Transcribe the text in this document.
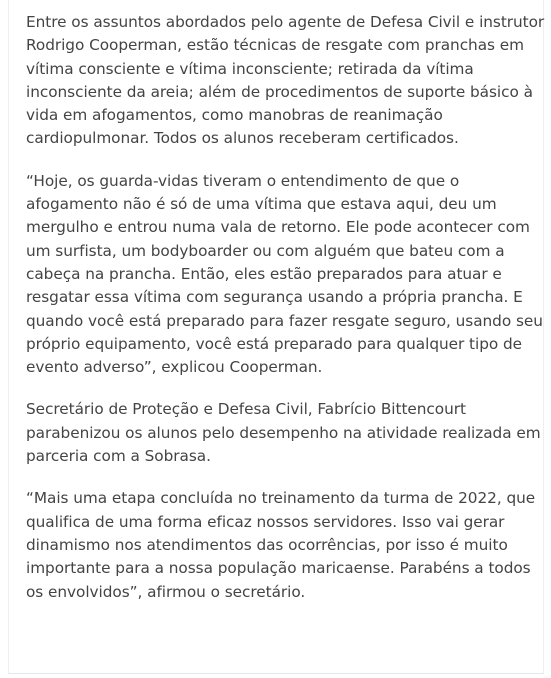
Entre os assuntos abordados pelo agente de Defesa Civil e instrutor
Rodrigo Cooperman, estão técnicas de resgate com pranchas em
vítima consciente e vítima inconsciente; retirada da vítima
inconsciente da areia; além de procedimentos de suporte básico à
vida em afogamentos, como manobras de reanimação
cardiopulmonar. Todos os alunos receberam certificados.

“Hoje, os guarda-vidas tiveram o entendimento de que o
afogamento não é só de uma vítima que estava aqui, deu um
mergulho e entrou numa vala de retorno. Ele pode acontecer com
um surfista, um bodyboarder ou com alguém que bateu com a
cabeça na prancha. Então, eles estão preparados para atuar e
resgatar essa vítima com segurança usando a própria prancha. E
quando você está preparado para fazer resgate seguro, usando seu
próprio equipamento, você está preparado para qualquer tipo de
evento adverso”, explicou Cooperman.

Secretário de Proteção e Defesa Civil, Fabrício Bittencourt
parabenizou os alunos pelo desempenho na atividade realizada em
parceria com a Sobrasa.

“Mais uma etapa concluída no treinamento da turma de 2022, que
qualifica de uma forma eficaz nossos servidores. Isso vai gerar
dinamismo nos atendimentos das ocorrências, por isso é muito
importante para a nossa população maricaense. Parabéns a todos
os envolvidos”, afirmou o secretário.
